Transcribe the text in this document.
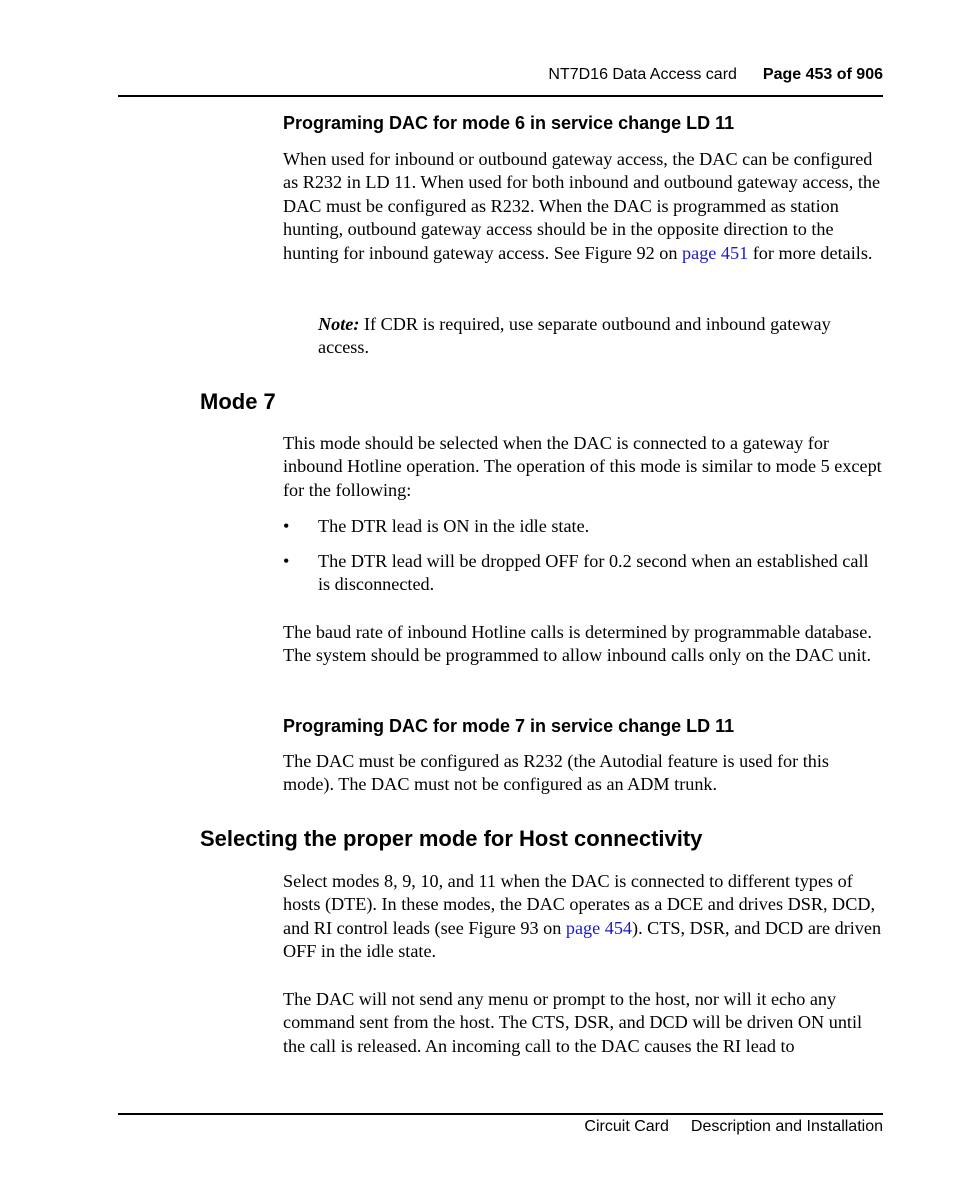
NT7D16 Data Access card Page 453 of 906
Programing DAC for mode 6 in service change LD 11
When used for inbound or outbound gateway access, the DAC can be configured as R232 in LD 11. When used for both inbound and outbound gateway access, the DAC must be configured as R232. When the DAC is programmed as station hunting, outbound gateway access should be in the opposite direction to the hunting for inbound gateway access. See Figure 92 on page 451 for more details.
Note: If CDR is required, use separate outbound and inbound gateway access.
Mode 7
This mode should be selected when the DAC is connected to a gateway for inbound Hotline operation. The operation of this mode is similar to mode 5 except for the following:
• The DTR lead is ON in the idle state.
• The DTR lead will be dropped OFF for 0.2 second when an established call is disconnected.
The baud rate of inbound Hotline calls is determined by programmable database. The system should be programmed to allow inbound calls only on the DAC unit.
Programing DAC for mode 7 in service change LD 11
The DAC must be configured as R232 (the Autodial feature is used for this mode). The DAC must not be configured as an ADM trunk.
Selecting the proper mode for Host connectivity
Select modes 8, 9, 10, and 11 when the DAC is connected to different types of hosts (DTE). In these modes, the DAC operates as a DCE and drives DSR, DCD, and RI control leads (see Figure 93 on page 454). CTS, DSR, and DCD are driven OFF in the idle state.
The DAC will not send any menu or prompt to the host, nor will it echo any command sent from the host. The CTS, DSR, and DCD will be driven ON until the call is released. An incoming call to the DAC causes the RI lead to
Circuit Card Description and Installation
